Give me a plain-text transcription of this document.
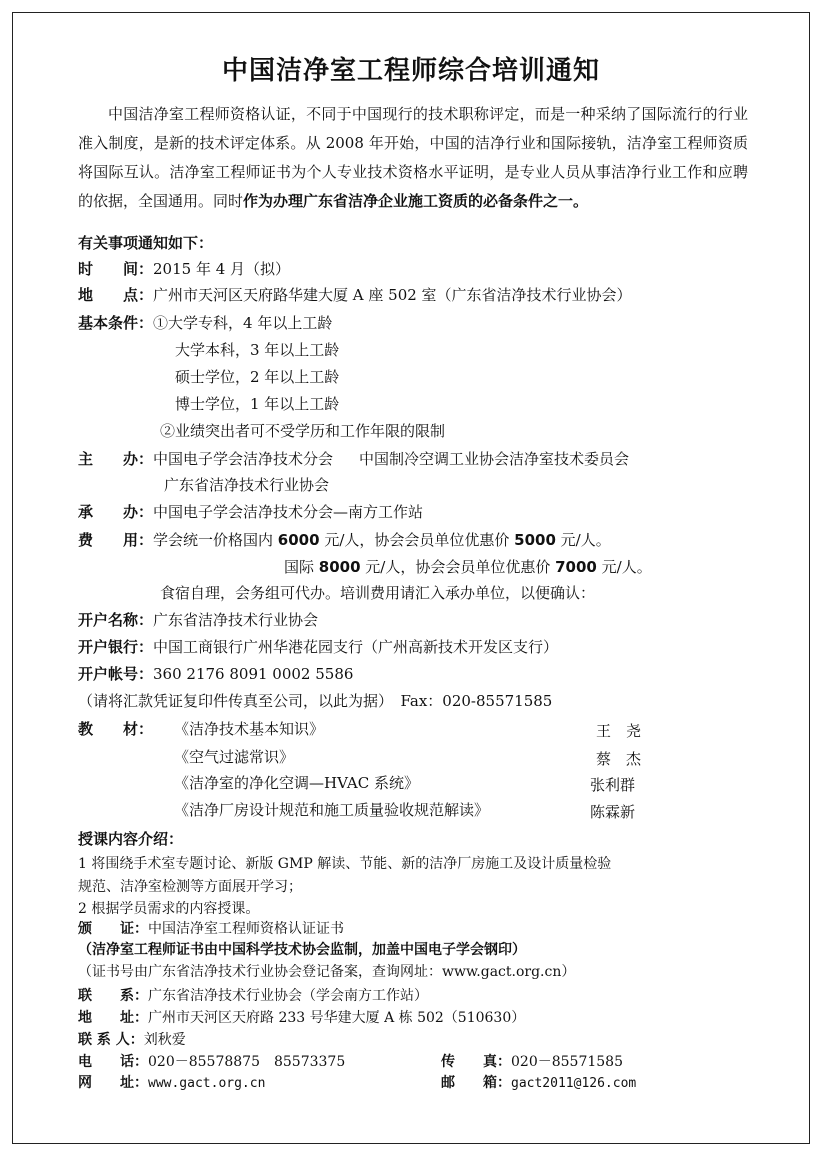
中国洁净室工程师综合培训通知
中国洁净室工程师资格认证，不同于中国现行的技术职称评定，而是一种采纳了国际流行的行业准入制度，是新的技术评定体系。从 2008 年开始，中国的洁净行业和国际接轨，洁净室工程师资质将国际互认。洁净室工程师证书为个人专业技术资格水平证明，是专业人员从事洁净行业工作和应聘的依据，全国通用。同时作为办理广东省洁净企业施工资质的必备条件之一。
有关事项通知如下：
时　　间：2015 年 4 月（拟）
地　　点：广州市天河区天府路华建大厦 A 座 502 室（广东省洁净技术行业协会）
基本条件：①大学专科，4 年以上工龄
大学本科，3 年以上工龄
硕士学位，2 年以上工龄
博士学位，1 年以上工龄
②业绩突出者可不受学历和工作年限的限制
主　　办：中国电子学会洁净技术分会 中国制冷空调工业协会洁净室技术委员会
广东省洁净技术行业协会
承　　办：中国电子学会洁净技术分会—南方工作站
费　　用：学会统一价格国内 6000 元/人，协会会员单位优惠价 5000 元/人。
国际 8000 元/人，协会会员单位优惠价 7000 元/人。
食宿自理，会务组可代办。培训费用请汇入承办单位，以便确认：
开户名称：广东省洁净技术行业协会
开户银行：中国工商银行广州华港花园支行（广州高新技术开发区支行）
开户帐号：360 2176 8091 0002 5586
（请将汇款凭证复印件传真至公司，以此为据）　Fax：020-85571585
教　　材： 《洁净技术基本知识》	王　尧
《空气过滤常识》	蔡　杰
《洁净室的净化空调—HVAC 系统》	张利群
《洁净厂房设计规范和施工质量验收规范解读》	陈霖新
授课内容介绍：
1 将围绕手术室专题讨论、新版 GMP 解读、节能、新的洁净厂房施工及设计质量检验
规范、洁净室检测等方面展开学习；
2 根据学员需求的内容授课。
颁　　证：中国洁净室工程师资格认证证书
（洁净室工程师证书由中国科学技术协会监制，加盖中国电子学会钢印）
（证书号由广东省洁净技术行业协会登记备案，查询网址：www.gact.org.cn）
联　　系：广东省洁净技术行业协会（学会南方工作站）
地　　址：广州市天河区天府路 233 号华建大厦 A 栋 502（510630）
联 系 人：刘秋爱
电　　话：020－85578875　85573375	传　　真：020－85571585
网　　址：www.gact.org.cn	邮　　箱：gact2011@126.com
